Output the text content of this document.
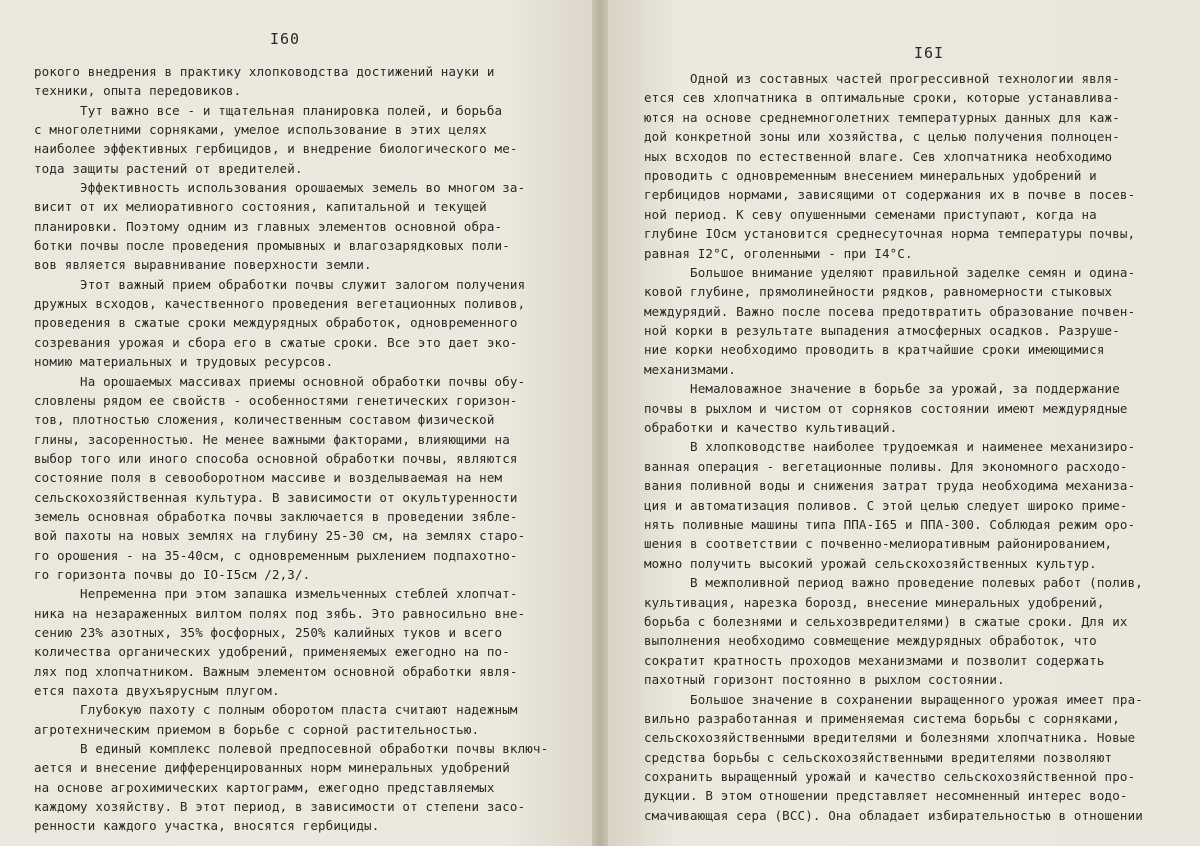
I60
рокого внедрения в практику хлопководства достижений науки и
техники, опыта передовиков.
Тут важно все - и тщательная планировка полей, и борьба
с многолетними сорняками, умелое использование в этих целях
наиболее эффективных гербицидов, и внедрение биологического ме-
тода защиты растений от вредителей.
Эффективность использования орошаемых земель во многом за-
висит от их мелиоративного состояния, капитальной и текущей
планировки. Поэтому одним из главных элементов основной обра-
ботки почвы после проведения промывных и влагозарядковых поли-
вов является выравнивание поверхности земли.
Этот важный прием обработки почвы служит залогом получения
дружных всходов, качественного проведения вегетационных поливов,
проведения в сжатые сроки междурядных обработок, одновременного
созревания урожая и сбора его в сжатые сроки. Все это дает эко-
номию материальных и трудовых ресурсов.
На орошаемых массивах приемы основной обработки почвы обу-
словлены рядом ее свойств - особенностями генетических горизон-
тов, плотностью сложения, количественным составом физической
глины, засоренностью. Не менее важными факторами, влияющими на
выбор того или иного способа основной обработки почвы, являются
состояние поля в севооборотном массиве и возделываемая на нем
сельскохозяйственная культура. В зависимости от окультуренности
земель основная обработка почвы заключается в проведении зябле-
вой пахоты на новых землях на глубину 25-30 см, на землях старо-
го орошения - на 35-40см, с одновременным рыхлением подпахотно-
го горизонта почвы до IO-I5см /2,3/.
Непременна при этом запашка измельченных стеблей хлопчат-
ника на незараженных вилтом полях под зябь. Это равносильно вне-
сению 23% азотных, 35% фосфорных, 250% калийных туков и всего
количества органических удобрений, применяемых ежегодно на по-
лях под хлопчатником. Важным элементом основной обработки явля-
ется пахота двухъярусным плугом.
Глубокую пахоту с полным оборотом пласта считают надежным
агротехническим приемом в борьбе с сорной растительностью.
В единый комплекс полевой предпосевной обработки почвы включ-
ается и внесение дифференцированных норм минеральных удобрений
на основе агрохимических картограмм, ежегодно представляемых
каждому хозяйству. В этот период, в зависимости от степени засо-
ренности каждого участка, вносятся гербициды.
I6I
Одной из составных частей прогрессивной технологии явля-
ется сев хлопчатника в оптимальные сроки, которые устанавлива-
ются на основе среднемноголетних температурных данных для каж-
дой конкретной зоны или хозяйства, с целью получения полноцен-
ных всходов по естественной влаге. Сев хлопчатника необходимо
проводить с одновременным внесением минеральных удобрений и
гербицидов нормами, зависящими от содержания их в почве в посев-
ной период. К севу опушенными семенами приступают, когда на
глубине IOсм установится среднесуточная норма температуры почвы,
равная I2°C, оголенными - при I4°C.
Большое внимание уделяют правильной заделке семян и одина-
ковой глубине, прямолинейности рядков, равномерности стыковых
междурядий. Важно после посева предотвратить образование почвен-
ной корки в результате выпадения атмосферных осадков. Разруше-
ние корки необходимо проводить в кратчайшие сроки имеющимися
механизмами.
Немаловажное значение в борьбе за урожай, за поддержание
почвы в рыхлом и чистом от сорняков состоянии имеют междурядные
обработки и качество культиваций.
В хлопководстве наиболее трудоемкая и наименее механизиро-
ванная операция - вегетационные поливы. Для экономного расходо-
вания поливной воды и снижения затрат труда необходима механиза-
ция и автоматизация поливов. С этой целью следует широко приме-
нять поливные машины типа ППА-I65 и ППА-300. Соблюдая режим оро-
шения в соответствии с почвенно-мелиоративным районированием,
можно получить высокий урожай сельскохозяйственных культур.
В межполивной период важно проведение полевых работ (полив,
культивация, нарезка борозд, внесение минеральных удобрений,
борьба с болезнями и сельхозвредителями) в сжатые сроки. Для их
выполнения необходимо совмещение междурядных обработок, что
сократит кратность проходов механизмами и позволит содержать
пахотный горизонт постоянно в рыхлом состоянии.
Большое значение в сохранении выращенного урожая имеет пра-
вильно разработанная и применяемая система борьбы с сорняками,
сельскохозяйственными вредителями и болезнями хлопчатника. Новые
средства борьбы с сельскохозяйственными вредителями позволяют
сохранить выращенный урожай и качество сельскохозяйственной про-
дукции. В этом отношении представляет несомненный интерес водо-
смачивающая сера (ВСС). Она обладает избирательностью в отношении
